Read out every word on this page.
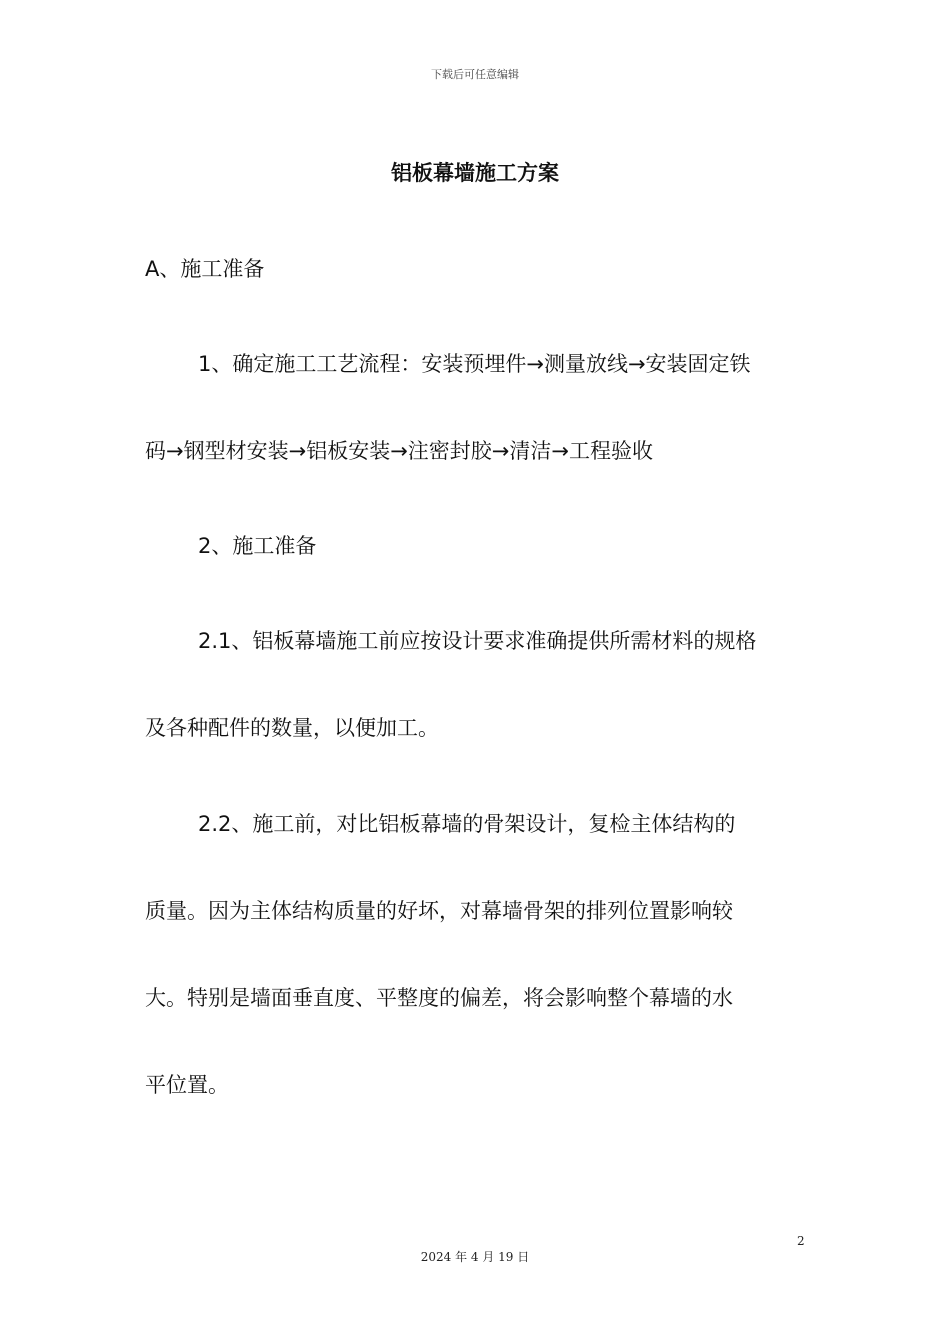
下载后可任意编辑
铝板幕墙施工方案
A、施工准备
1、确定施工工艺流程：安装预埋件→测量放线→安装固定铁
码→钢型材安装→铝板安装→注密封胶→清洁→工程验收
2、施工准备
2.1、铝板幕墙施工前应按设计要求准确提供所需材料的规格
及各种配件的数量，以便加工。
2.2、施工前，对比铝板幕墙的骨架设计，复检主体结构的
质量。因为主体结构质量的好坏，对幕墙骨架的排列位置影响较
大。特别是墙面垂直度、平整度的偏差，将会影响整个幕墙的水
平位置。
2
2024 年 4 月 19 日
